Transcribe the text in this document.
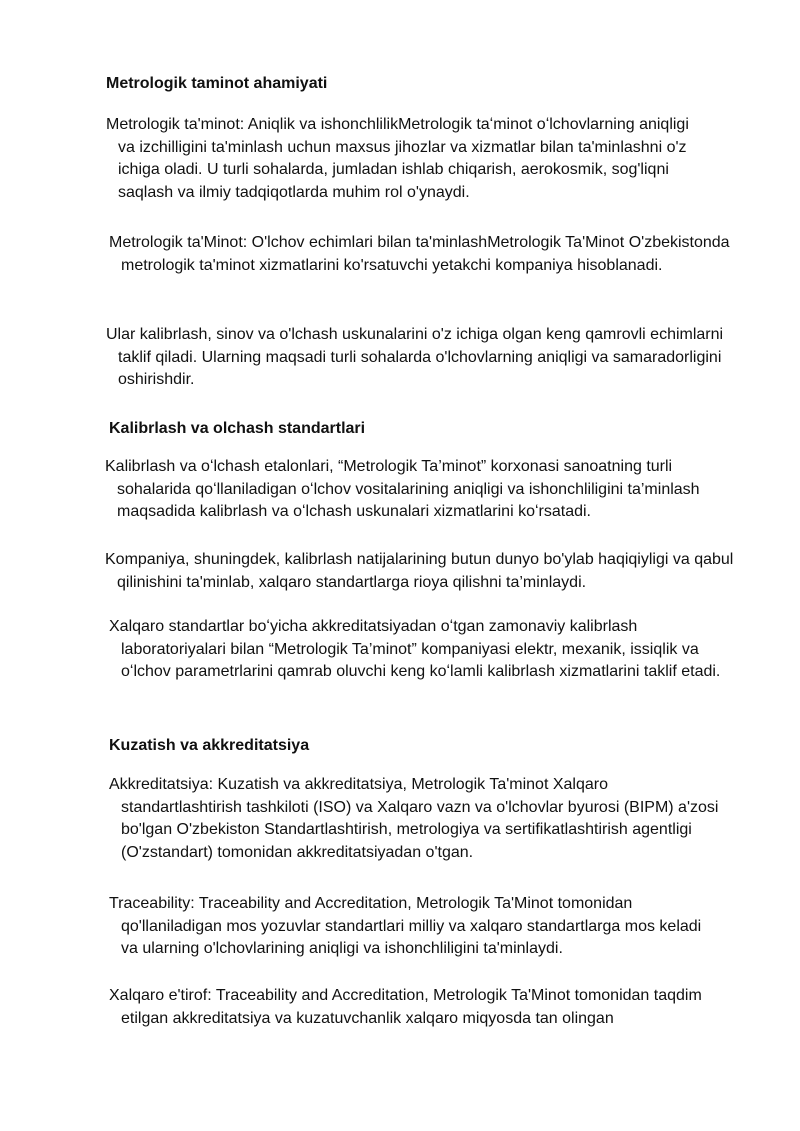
Metrologik taminot ahamiyati
Metrologik ta'minot: Aniqlik va ishonchlilikMetrologik taʻminot oʻlchovlarning aniqligi va izchilligini ta'minlash uchun maxsus jihozlar va xizmatlar bilan ta'minlashni o'z ichiga oladi. U turli sohalarda, jumladan ishlab chiqarish, aerokosmik, sog'liqni saqlash va ilmiy tadqiqotlarda muhim rol o'ynaydi.
Metrologik ta'Minot: O'lchov echimlari bilan ta'minlashMetrologik Ta'Minot O'zbekistonda metrologik ta'minot xizmatlarini ko'rsatuvchi yetakchi kompaniya hisoblanadi.
Ular kalibrlash, sinov va o'lchash uskunalarini o'z ichiga olgan keng qamrovli echimlarni taklif qiladi. Ularning maqsadi turli sohalarda o'lchovlarning aniqligi va samaradorligini oshirishdir.
Kalibrlash va olchash standartlari
Kalibrlash va oʻlchash etalonlari, “Metrologik Ta’minot” korxonasi sanoatning turli sohalarida qoʻllaniladigan oʻlchov vositalarining aniqligi va ishonchliligini ta’minlash maqsadida kalibrlash va oʻlchash uskunalari xizmatlarini koʻrsatadi.
Kompaniya, shuningdek, kalibrlash natijalarining butun dunyo bo'ylab haqiqiyligi va qabul qilinishini ta'minlab, xalqaro standartlarga rioya qilishni ta’minlaydi.
Xalqaro standartlar boʻyicha akkreditatsiyadan oʻtgan zamonaviy kalibrlash laboratoriyalari bilan “Metrologik Ta’minot” kompaniyasi elektr, mexanik, issiqlik va oʻlchov parametrlarini qamrab oluvchi keng koʻlamli kalibrlash xizmatlarini taklif etadi.
Kuzatish va akkreditatsiya
Akkreditatsiya: Kuzatish va akkreditatsiya, Metrologik Ta'minot Xalqaro standartlashtirish tashkiloti (ISO) va Xalqaro vazn va o'lchovlar byurosi (BIPM) a'zosi bo'lgan O'zbekiston Standartlashtirish, metrologiya va sertifikatlashtirish agentligi (O'zstandart) tomonidan akkreditatsiyadan o'tgan.
Traceability: Traceability and Accreditation, Metrologik Ta'Minot tomonidan qo'llaniladigan mos yozuvlar standartlari milliy va xalqaro standartlarga mos keladi va ularning o'lchovlarining aniqligi va ishonchliligini ta'minlaydi.
Xalqaro e'tirof: Traceability and Accreditation, Metrologik Ta'Minot tomonidan taqdim etilgan akkreditatsiya va kuzatuvchanlik xalqaro miqyosda tan olingan
